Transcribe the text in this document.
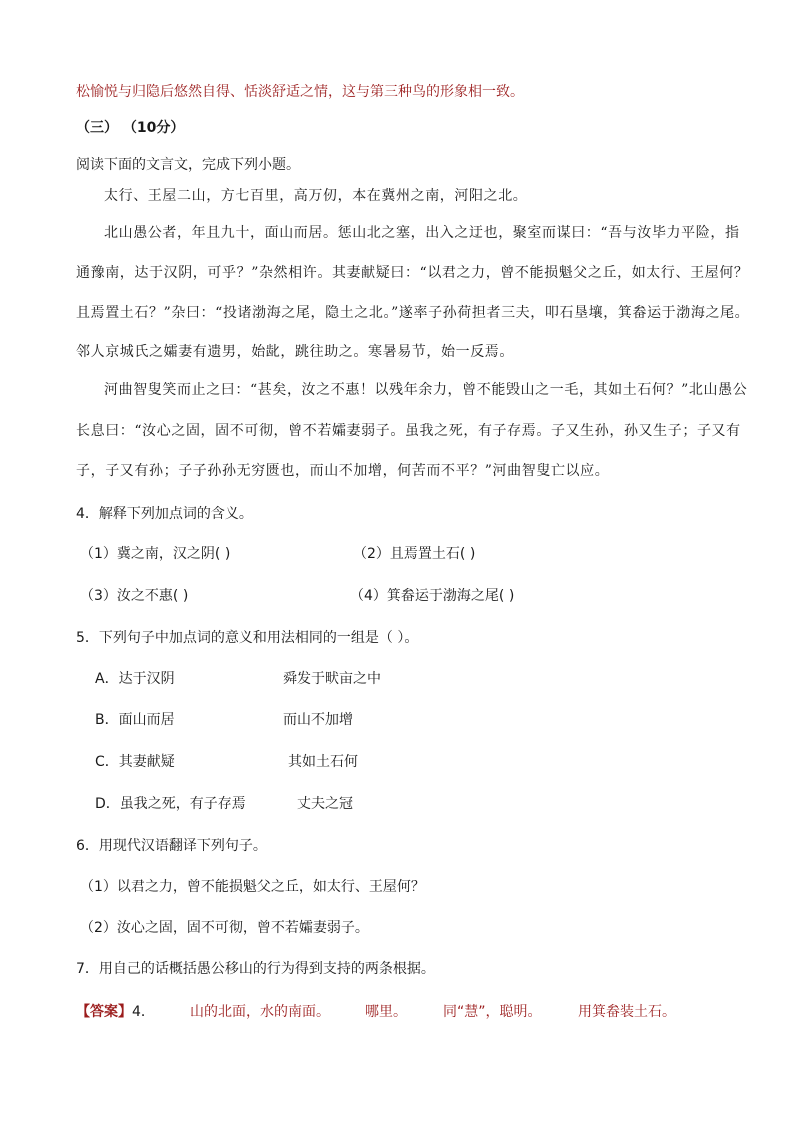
松愉悦与归隐后悠然自得、恬淡舒适之情，这与第三种鸟的形象相一致。
（三） （10分）
阅读下面的文言文，完成下列小题。
太行、王屋二山，方七百里，高万仞，本在冀州之南，河阳之北。
北山愚公者，年且九十，面山而居。惩山北之塞，出入之迂也，聚室而谋曰：“吾与汝毕力平险，指
通豫南，达于汉阴，可乎？”杂然相许。其妻献疑曰：“以君之力，曾不能损魁父之丘，如太行、王屋何？
且焉置土石？”杂曰：“投诸渤海之尾，隐土之北。”遂率子孙荷担者三夫，叩石垦壤，箕畚运于渤海之尾。
邻人京城氏之孀妻有遗男，始龀，跳往助之。寒暑易节，始一反焉。
河曲智叟笑而止之曰：“甚矣，汝之不惠！以残年余力，曾不能毁山之一毛，其如土石何？”北山愚公
长息曰：“汝心之固，固不可彻，曾不若孀妻弱子。虽我之死，有子存焉。子又生孙，孙又生子；子又有
子，子又有孙；子子孙孙无穷匮也，而山不加增，何苦而不平？”河曲智叟亡以应。
4．解释下列加点词的含义。
（1）冀之南，汉之阴( )	（2）且焉置土石( )
（3）汝之不惠( )	（4）箕畚运于渤海之尾( )
5．下列句子中加点词的意义和用法相同的一组是（ ）。
A．达于汉阴	舜发于畎亩之中
B．面山而居	而山不加增
C．其妻献疑	其如土石何
D．虽我之死，有子存焉	丈夫之冠
6．用现代汉语翻译下列句子。
（1）以君之力，曾不能损魁父之丘，如太行、王屋何？
（2）汝心之固，固不可彻，曾不若孀妻弱子。
7．用自己的话概括愚公移山的行为得到支持的两条根据。
【答案】 4．	山的北面，水的南面。	哪里。	同“慧”，聪明。	用箕畚装土石。
